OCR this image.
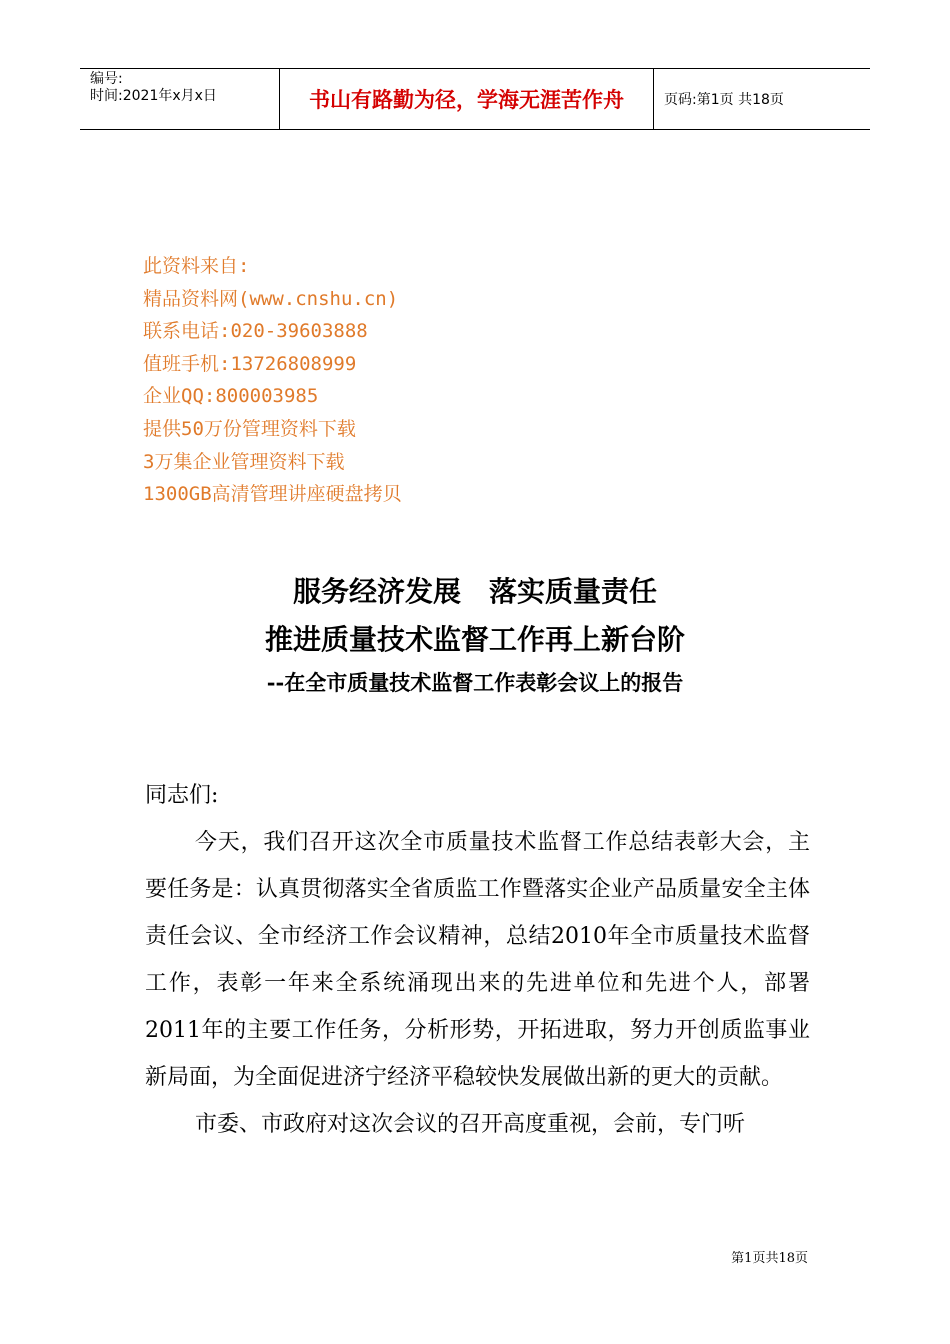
编号:
时间:2021年x月x日	书山有路勤为径，学海无涯苦作舟	页码:第1页 共18页
此资料来自:
精品资料网(www.cnshu.cn)
联系电话:020-39603888
值班手机:13726808999
企业QQ:800003985
提供50万份管理资料下载
3万集企业管理资料下载
1300GB高清管理讲座硬盘拷贝
服务经济发展　落实质量责任
推进质量技术监督工作再上新台阶
--在全市质量技术监督工作表彰会议上的报告

同志们:

今天，我们召开这次全市质量技术监督工作总结表彰大会，主要任务是：认真贯彻落实全省质监工作暨落实企业产品质量安全主体责任会议、全市经济工作会议精神，总结2010年全市质量技术监督工作，表彰一年来全系统涌现出来的先进单位和先进个人，部署2011年的主要工作任务，分析形势，开拓进取，努力开创质监事业新局面，为全面促进济宁经济平稳较快发展做出新的更大的贡献。

市委、市政府对这次会议的召开高度重视，会前，专门听

第1页共18页
